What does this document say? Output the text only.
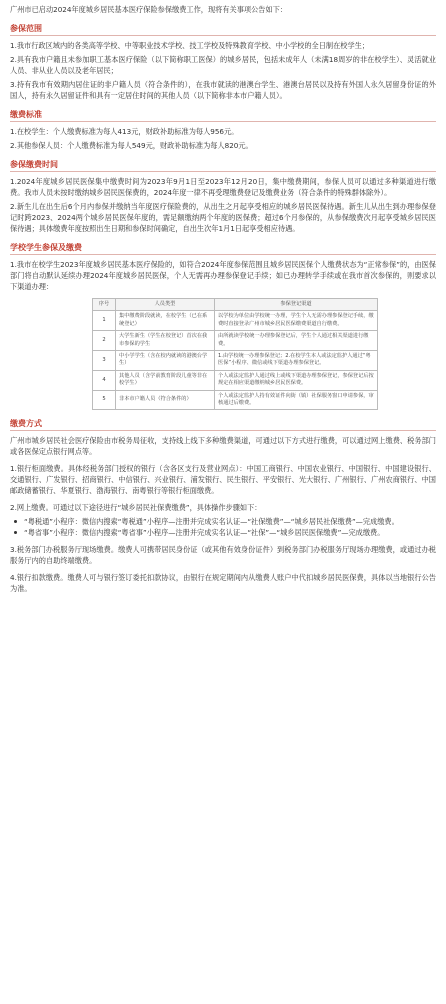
广州市已启动2024年度城乡居民基本医疗保险参保缴费工作，现将有关事项公告如下：

参保范围

1.我市行政区域内的各类高等学校、中等职业技术学校、技工学校及特殊教育学校、中小学校的全日制在校学生；

2.具有我市户籍且未参加职工基本医疗保险（以下简称职工医保）的城乡居民，包括未成年人（未满18周岁的非在校学生）、灵活就业人员、非从业人员以及老年居民；

3.持有我市有效期内居住证的非户籍人员（符合条件的），在我市就读的港澳台学生、港澳台居民以及持有外国人永久居留身份证的外国人，持有永久居留证件和具有一定居住时间的其他人员（以下简称非本市户籍人员）。

缴费标准

1.在校学生：个人缴费标准为每人413元，财政补助标准为每人956元。

2.其他参保人员：个人缴费标准为每人549元，财政补助标准为每人820元。

参保缴费时间

1.2024年度城乡居民医保集中缴费时间为2023年9月1日至2023年12月20日，集中缴费期间，参保人员可以通过多种渠道进行缴费。我市人员未按时缴纳城乡居民医保费的，2024年度一律不再受理缴费登记及缴费业务（符合条件的特殊群体除外）。

2.新生儿在出生后6个月内参保并缴纳当年度医疗保险费的，从出生之月起享受相应的城乡居民医保待遇。新生儿从出生到办理参保登记时跨2023、2024两个城乡居民医保年度的，需足额缴纳两个年度的医保费；超过6个月参保的，从参保缴费次月起享受城乡居民医保待遇；具体缴费年度按照出生日期和参保时间确定，自出生次年1月1日起享受相应待遇。

学校学生参保及缴费

1.我市在校学生2023年度城乡居民基本医疗保险的，如符合2024年度参保范围且城乡居民医保个人缴费状态为“正常参保”的，由医保部门将自动默认延续办理2024年度城乡居民医保，个人无需再办理参保登记手续；如已办理转学手续或在我市首次参保的，则要求以下渠道办理：

序号	人员类型	参保登记渠道
1	集中缴费阶段就读，在校学生（已在系统登记）	以学校为单位由学校统一办理，学生个人无需办理参保登记手续，缴费时直接登录广州市城乡居民医保缴费渠道自行缴费。
2	大学生新生（学生在校登记）首次在我市参保的学生	由所就读学校统一办理参保登记后，学生个人通过相关渠道进行缴费。
3	中小学学生（含在校内就读的港澳台学生）	1.由学校统一办理参保登记；2.在校学生本人或法定监护人通过“粤医保”小程序、微信或线下渠道办理参保登记。
4	其他人员（含学前教育阶段儿童等非在校学生）	个人或法定监护人通过线上或线下渠道办理参保登记，参保登记后按规定在相应渠道缴纳城乡居民医保费。
5	非本市户籍人员（符合条件的）	个人或法定监护人持有效证件向街（镇）社保服务窗口申请参保，审核通过后缴费。
缴费方式

广州市城乡居民社会医疗保险由市税务局征收，支持线上线下多种缴费渠道，可通过以下方式进行缴费，可以通过网上缴费、税务部门或各医保定点银行网点等。

1.银行柜面缴费。具体经税务部门授权的银行（含各区支行及营业网点）：中国工商银行、中国农业银行、中国银行、中国建设银行、交通银行、广发银行、招商银行、中信银行、兴业银行、浦发银行、民生银行、平安银行、光大银行、广州银行、广州农商银行、中国邮政储蓄银行、华夏银行、渤海银行、南粤银行等银行柜面缴费。

2.网上缴费。可通过以下途径进行“城乡居民社保费缴费”，具体操作步骤如下：

“粤税通”小程序：微信内搜索“粤税通”小程序—注册并完成实名认证—“社保缴费”—“城乡居民社保缴费”—完成缴费。
“粤省事”小程序：微信内搜索“粤省事”小程序—注册并完成实名认证—“社保”—“城乡居民医保缴费”—完成缴费。

3.税务部门办税服务厅现场缴费。缴费人可携带居民身份证（或其他有效身份证件）到税务部门办税服务厅现场办理缴费，或通过办税服务厅内的自助终端缴费。

4.银行扣款缴费。缴费人可与银行签订委托扣款协议，由银行在规定期间内从缴费人账户中代扣城乡居民医保费，具体以当地银行公告为准。
